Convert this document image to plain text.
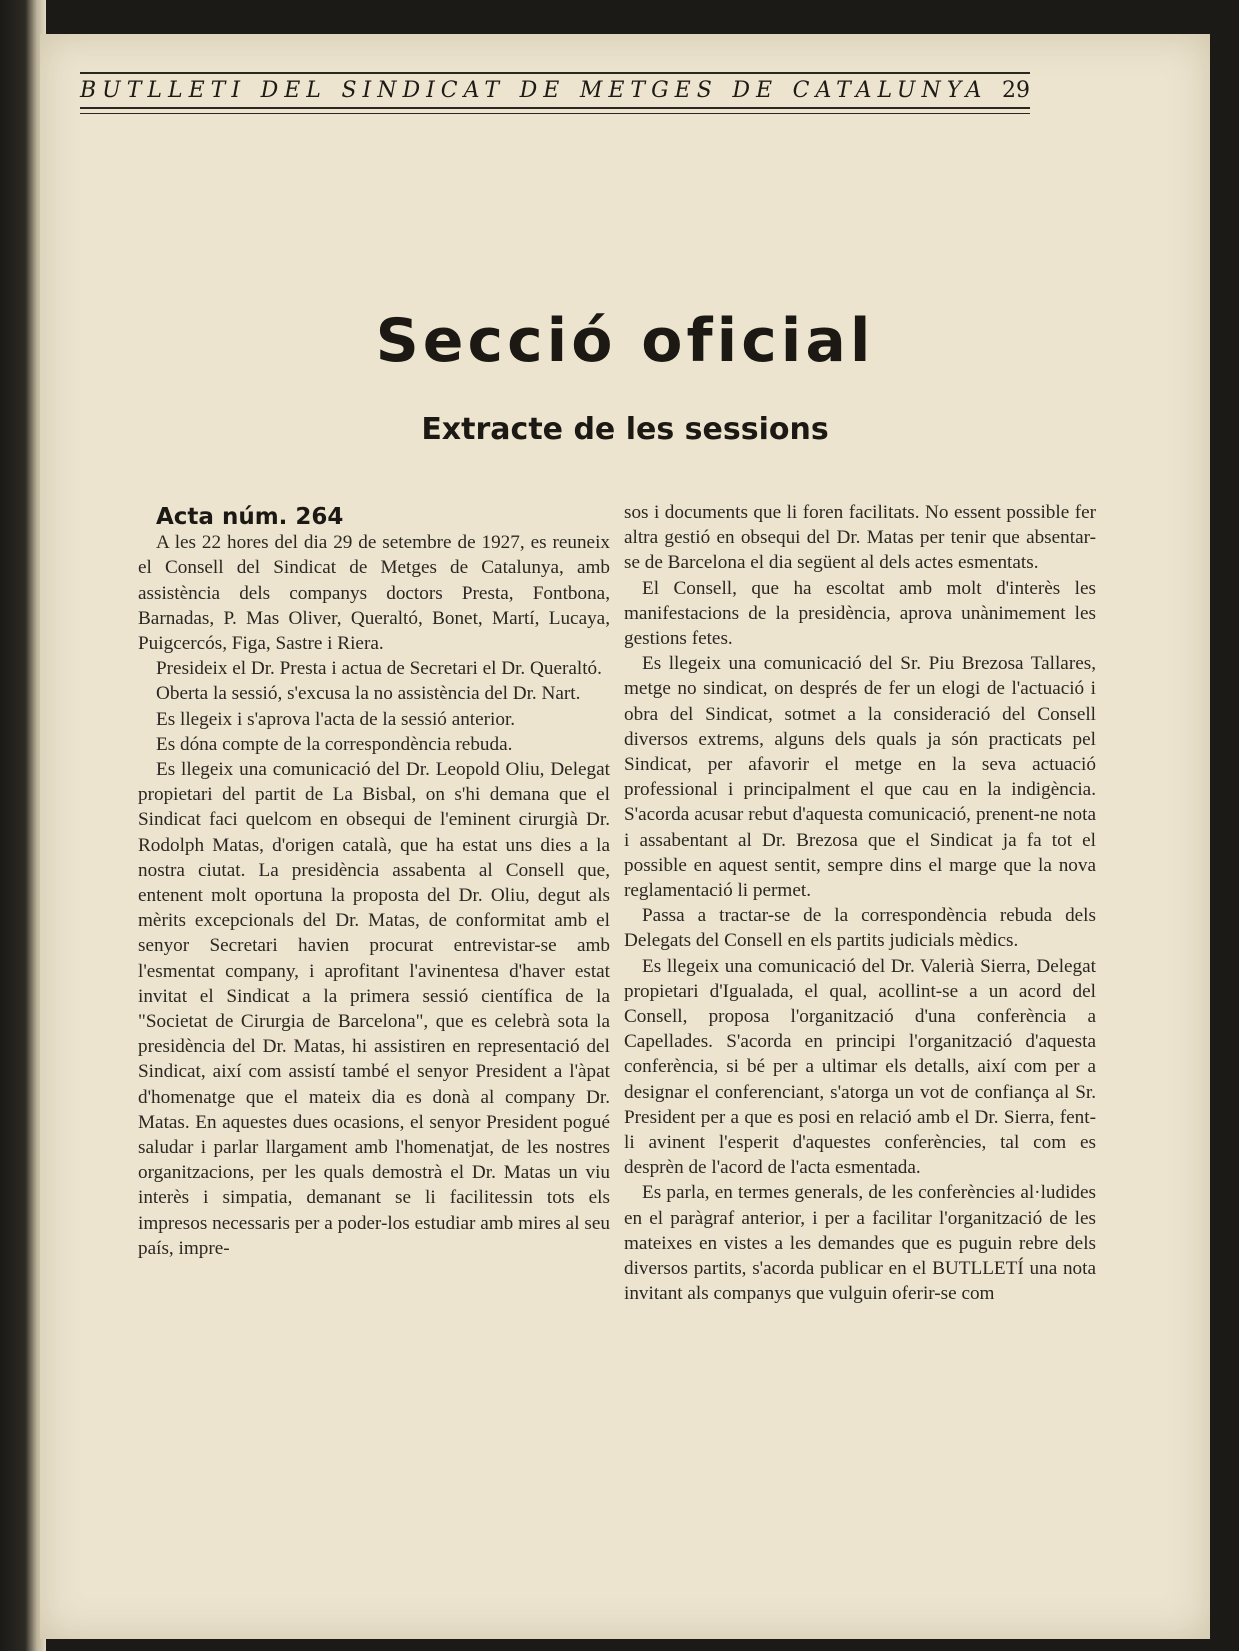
BUTLLETI DEL SINDICAT DE METGES DE CATALUNYA 29
Secció oficial
Extracte de les sessions

Acta núm. 264

A les 22 hores del dia 29 de setembre de 1927, es reuneix el Consell del Sindicat de Metges de Catalunya, amb assistència dels companys doctors Presta, Fontbona, Barnadas, P. Mas Oliver, Queraltó, Bonet, Martí, Lucaya, Puigcercós, Figa, Sastre i Riera.

Presideix el Dr. Presta i actua de Secretari el Dr. Queraltó.

Oberta la sessió, s'excusa la no assistència del Dr. Nart.

Es llegeix i s'aprova l'acta de la sessió anterior.

Es dóna compte de la correspondència rebuda.

Es llegeix una comunicació del Dr. Leopold Oliu, Delegat propietari del partit de La Bisbal, on s'hi demana que el Sindicat faci quelcom en obsequi de l'eminent cirurgià Dr. Rodolph Matas, d'origen català, que ha estat uns dies a la nostra ciutat. La presidència assabenta al Consell que, entenent molt oportuna la proposta del Dr. Oliu, degut als mèrits excepcionals del Dr. Matas, de conformitat amb el senyor Secretari havien procurat entrevistar-se amb l'esmentat company, i aprofitant l'avinentesa d'haver estat invitat el Sindicat a la primera sessió científica de la "Societat de Cirurgia de Barcelona", que es celebrà sota la presidència del Dr. Matas, hi assistiren en representació del Sindicat, així com assistí també el senyor President a l'àpat d'homenatge que el mateix dia es donà al company Dr. Matas. En aquestes dues ocasions, el senyor President pogué saludar i parlar llargament amb l'homenatjat, de les nostres organitzacions, per les quals demostrà el Dr. Matas un viu interès i simpatia, demanant se li facilitessin tots els impresos necessaris per a poder-los estudiar amb mires al seu país, impre-

sos i documents que li foren facilitats. No essent possible fer altra gestió en obsequi del Dr. Matas per tenir que absentar-se de Barcelona el dia següent al dels actes esmentats.

El Consell, que ha escoltat amb molt d'interès les manifestacions de la presidència, aprova unànimement les gestions fetes.

Es llegeix una comunicació del Sr. Piu Brezosa Tallares, metge no sindicat, on després de fer un elogi de l'actuació i obra del Sindicat, sotmet a la consideració del Consell diversos extrems, alguns dels quals ja són practicats pel Sindicat, per afavorir el metge en la seva actuació professional i principalment el que cau en la indigència. S'acorda acusar rebut d'aquesta comunicació, prenent-ne nota i assabentant al Dr. Brezosa que el Sindicat ja fa tot el possible en aquest sentit, sempre dins el marge que la nova reglamentació li permet.

Passa a tractar-se de la correspondència rebuda dels Delegats del Consell en els partits judicials mèdics.

Es llegeix una comunicació del Dr. Valerià Sierra, Delegat propietari d'Igualada, el qual, acollint-se a un acord del Consell, proposa l'organització d'una conferència a Capellades. S'acorda en principi l'organització d'aquesta conferència, si bé per a ultimar els detalls, així com per a designar el conferenciant, s'atorga un vot de confiança al Sr. President per a que es posi en relació amb el Dr. Sierra, fent-li avinent l'esperit d'aquestes conferències, tal com es desprèn de l'acord de l'acta esmentada.

Es parla, en termes generals, de les conferències al·ludides en el paràgraf anterior, i per a facilitar l'organització de les mateixes en vistes a les demandes que es puguin rebre dels diversos partits, s'acorda publicar en el BUTLLETÍ una nota invitant als companys que vulguin oferir-se com
